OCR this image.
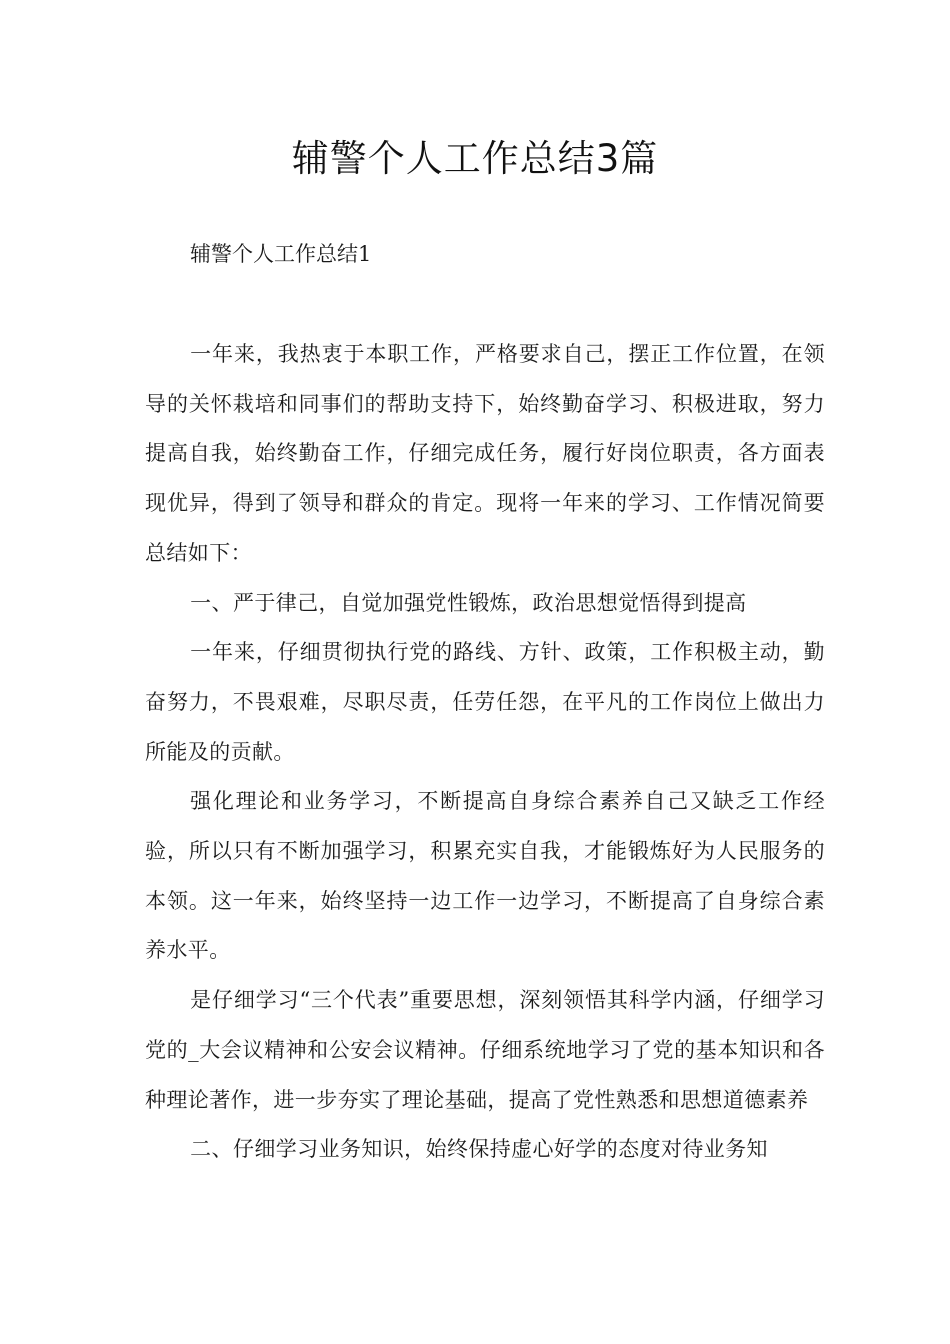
辅警个人工作总结3篇

辅警个人工作总结1

一年来，我热衷于本职工作，严格要求自己，摆正工作位置，在领导的关怀栽培和同事们的帮助支持下，始终勤奋学习、积极进取，努力提高自我，始终勤奋工作，仔细完成任务，履行好岗位职责，各方面表现优异，得到了领导和群众的肯定。现将一年来的学习、工作情况简要总结如下：

一、严于律己，自觉加强党性锻炼，政治思想觉悟得到提高

一年来，仔细贯彻执行党的路线、方针、政策，工作积极主动，勤奋努力，不畏艰难，尽职尽责，任劳任怨，在平凡的工作岗位上做出力所能及的贡献。

强化理论和业务学习，不断提高自身综合素养自己又缺乏工作经验，所以只有不断加强学习，积累充实自我，才能锻炼好为人民服务的本领。这一年来，始终坚持一边工作一边学习，不断提高了自身综合素养水平。

是仔细学习“三个代表”重要思想，深刻领悟其科学内涵，仔细学习党的_大会议精神和公安会议精神。仔细系统地学习了党的基本知识和各种理论著作，进一步夯实了理论基础，提高了党性熟悉和思想道德素养

二、仔细学习业务知识，始终保持虚心好学的态度对待业务知
